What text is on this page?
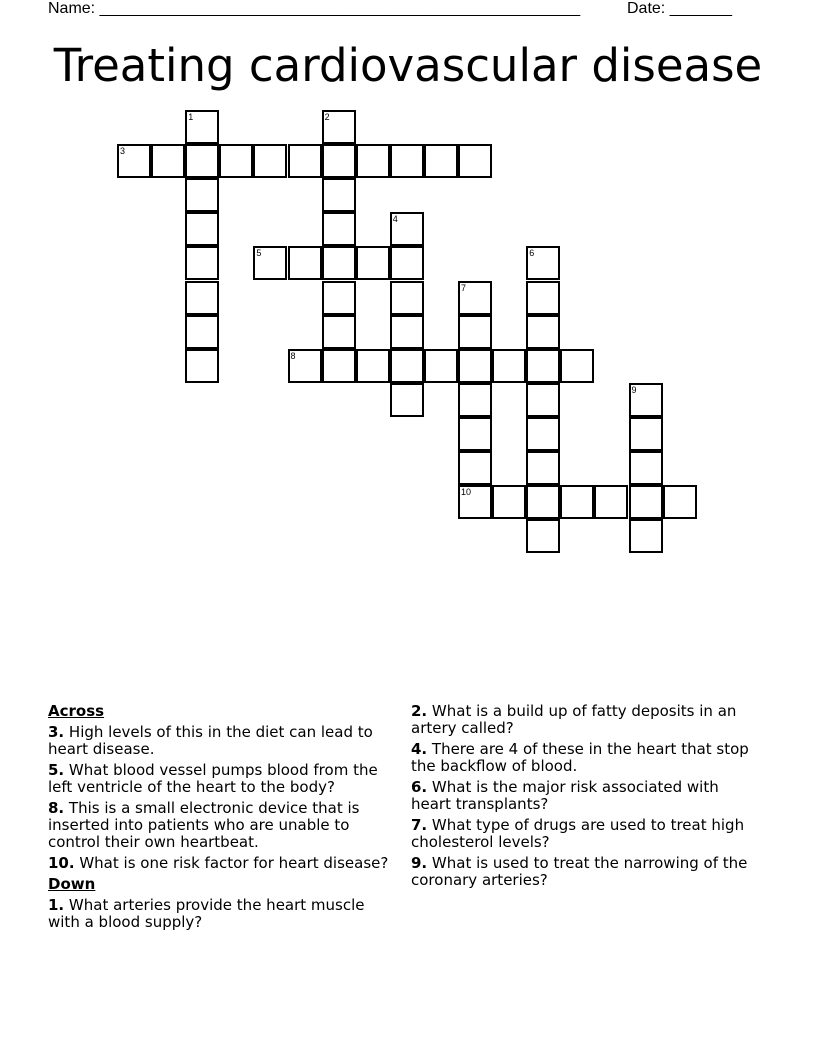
Name: ______________________________________________________	Date: _______
Treating cardiovascular disease
1	2
3
4
5	6
7
10
8
9
Across
3. High levels of this in the diet can lead to heart disease.
5. What blood vessel pumps blood from the left ventricle of the heart to the body?
8. This is a small electronic device that is inserted into patients who are unable to control their own heartbeat.
10. What is one risk factor for heart disease?
Down
1. What arteries provide the heart muscle with a blood supply?
2. What is a build up of fatty deposits in an artery called?
4. There are 4 of these in the heart that stop the backflow of blood.
6. What is the major risk associated with heart transplants?
7. What type of drugs are used to treat high cholesterol levels?
9. What is used to treat the narrowing of the coronary arteries?
